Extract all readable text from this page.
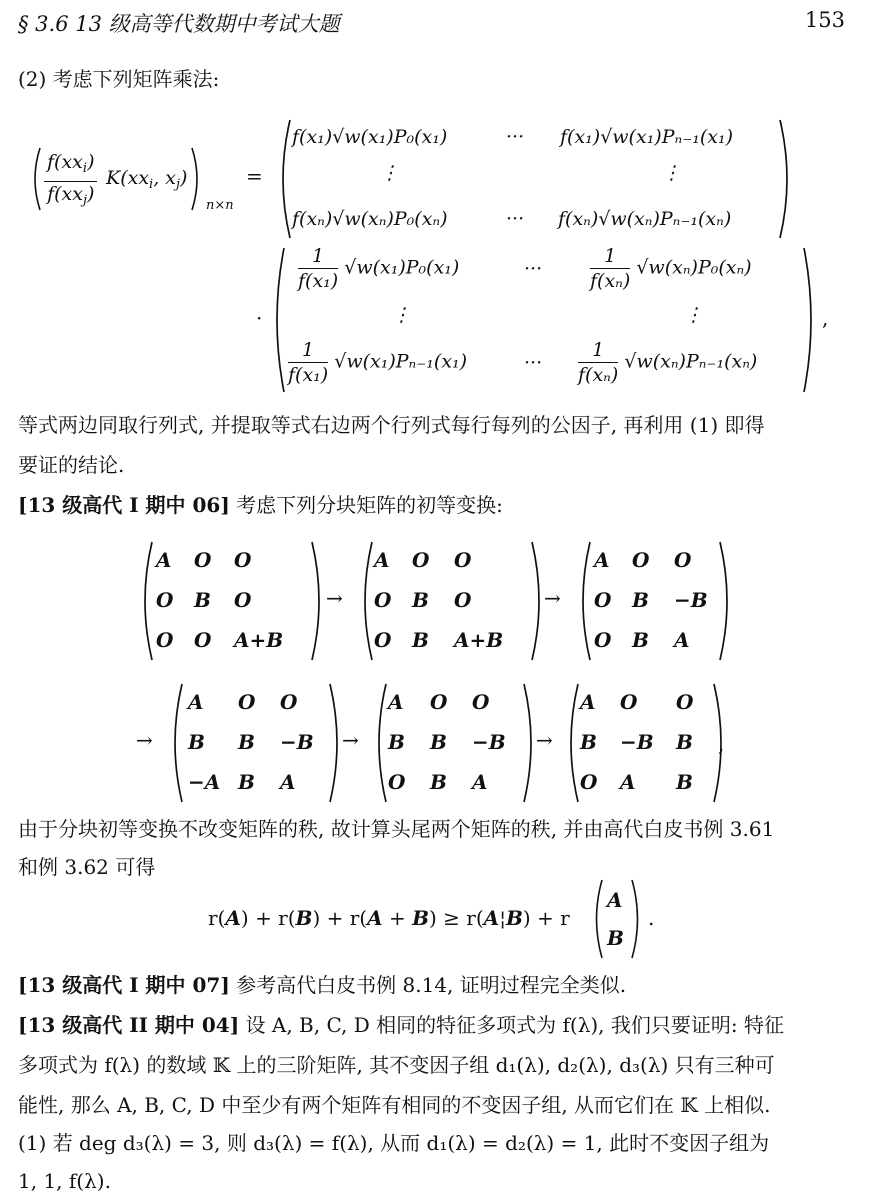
§ 3.6 13 级高等代数期中考试大题	153
(2) 考虑下列矩阵乘法:
$\frac{f(xx_i)}{f(xx_j)} K(xx_i$, $x_j$)
n×n
=
f(x₁)√w(x₁)P₀(x₁)	··· f(x₁)√w(x₁)Pₙ₋₁(x₁)
⋮	⋮
f(xₙ)√w(xₙ)P₀(xₙ)	··· f(xₙ)√w(xₙ)Pₙ₋₁(xₙ)
·
$\frac{1}{\text{f(x₁)}} √w(x_1)P_0(x_1)$	···	$\frac{1}{\text{f(xₙ)}} √w(x_n)P_0(x_n)$
⋮	⋮
$\frac{1}{\text{f(x₁)}} √w(x_1)P_{n-1}(x_1)$	··· $\frac{1}{\text{f(xₙ)}} √w(x_n)P_{n-1}(x_n)$
,
等式两边同取行列式, 并提取等式右边两个行列式每行每列的公因子, 再利用 (1) 即得
要证的结论.
[13 级高代 I 期中 06] 考虑下列分块矩阵的初等变换:
A O O
O B O
O O A+B
A O O
O B O
O B A+B
A O O
O B −B
O B A
→	→
A O O
B B −B
−A B A
A O O
B B −B
O B A
A O O
B −B B
O A B
→	→	→	,
由于分块初等变换不改变矩阵的秩, 故计算头尾两个矩阵的秩, 并由高代白皮书例 3.61
和例 3.62 可得
r(A) + r(B) + r(A + B) ≥ r(A¦B) + r
A
B
.
[13 级高代 I 期中 07] 参考高代白皮书例 8.14, 证明过程完全类似.
[13 级高代 II 期中 04] 设 A, B, C, D 相同的特征多项式为 f(λ), 我们只要证明: 特征
多项式为 f(λ) 的数域 𝕂 上的三阶矩阵, 其不变因子组 d₁(λ), d₂(λ), d₃(λ) 只有三种可
能性, 那么 A, B, C, D 中至少有两个矩阵有相同的不变因子组, 从而它们在 𝕂 上相似.
(1) 若 deg d₃(λ) = 3, 则 d₃(λ) = f(λ), 从而 d₁(λ) = d₂(λ) = 1, 此时不变因子组为
1, 1, f(λ).
